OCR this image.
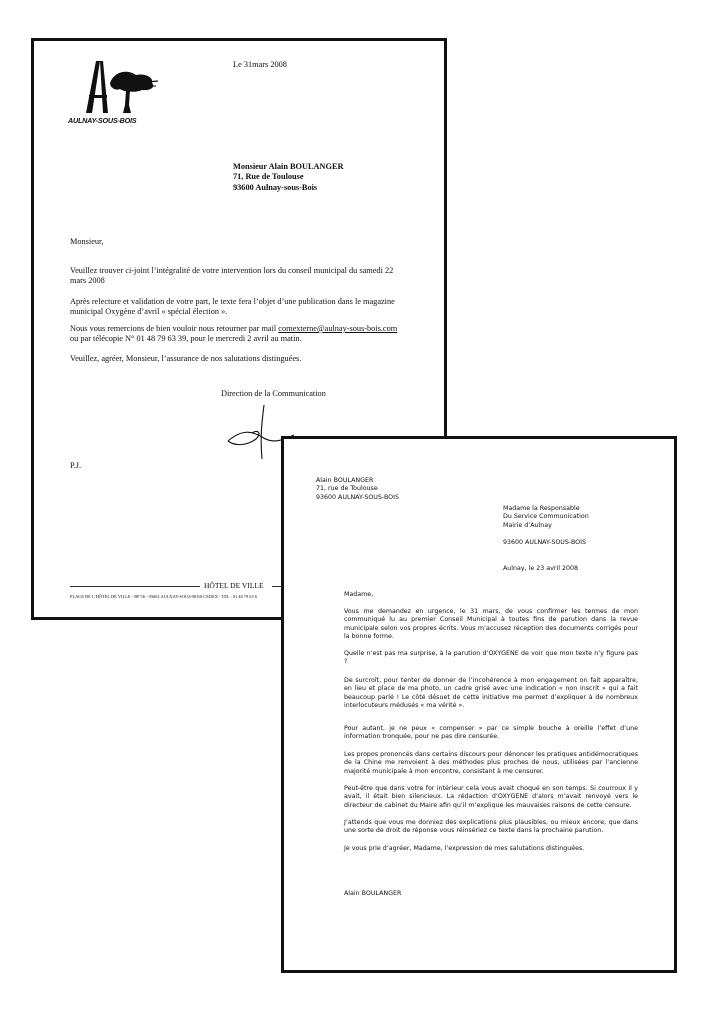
AULNAY-SOUS-BOIS
Le 31mars 2008
Monsieur Alain BOULANGER
71, Rue de Toulouse
93600 Aulnay-sous-Bois
Monsieur,
Veuillez trouver ci-joint l’intégralité de votre intervention lors du conseil municipal du samedi 22 mars 2008
Après relecture et validation de votre part, le texte fera l’objet d’une publication dans le magazine municipal Oxygène d’avril « spécial élection ».
Nous vous remercions de bien vouloir nous retourner par mail comexterne@aulnay-sous-bois.com
ou par télécopie N° 01 48 79 63 39, pour le mercredi 2 avril au matin.
Veuillez, agréer, Monsieur, l’assurance de nos salutations distinguées.
Direction de la Communication
P.J.
HÔTEL DE VILLE
PLACE DE L’HÔTEL DE VILLE - BP 56 - 93602 AULNAY-SOUS-BOIS CEDEX - TEL : 01 48 79 63 6
Alain BOULANGER
71, rue de Toulouse
93600 AULNAY-SOUS-BOIS
Madame la Responsable
Du Service Communication
Mairie d’Aulnay
93600 AULNAY-SOUS-BOIS
Aulnay, le 23 avril 2008
Madame,
Vous me demandez en urgence, le 31 mars, de vous confirmer les termes de mon communiqué lu au premier Conseil Municipal à toutes fins de parution dans la revue municipale selon vos propres écrits. Vous m’accusez réception des documents corrigés pour la bonne forme.
Quelle n’est pas ma surprise, à la parution d’OXYGENE de voir que mon texte n’y figure pas ?
De surcroît, pour tenter de donner de l’incohérence à mon engagement on fait apparaître, en lieu et place de ma photo, un cadre grisé avec une indication « non inscrit » qui a fait beaucoup parlé ! Le côté désuet de cette initiative me permet d’expliquer à de nombreux interlocuteurs médusés « ma vérité ».
Pour autant, je ne peux « compenser » par ce simple bouche à oreille l’effet d’une information tronquée, pour ne pas dire censurée.
Les propos prononcés dans certains discours pour dénoncer les pratiques antidémocratiques de la Chine me renvoient à des méthodes plus proches de nous, utilisées par l’ancienne majorité municipale à mon encontre, consistant à me censurer.
Peut-être que dans votre for intérieur cela vous avait choqué en son temps. Si courroux il y avait, il était bien silencieux. La rédaction d’OXYGENE d’alors m’avait renvoyé vers le directeur de cabinet du Maire afin qu’il m’explique les mauvaises raisons de cette censure.
J’attends que vous me donniez des explications plus plausibles, ou mieux encore, que dans une sorte de droit de réponse vous réinsériez ce texte dans la prochaine parution.
Je vous prie d’agréer, Madame, l’expression de mes salutations distinguées.
Alain BOULANGER
